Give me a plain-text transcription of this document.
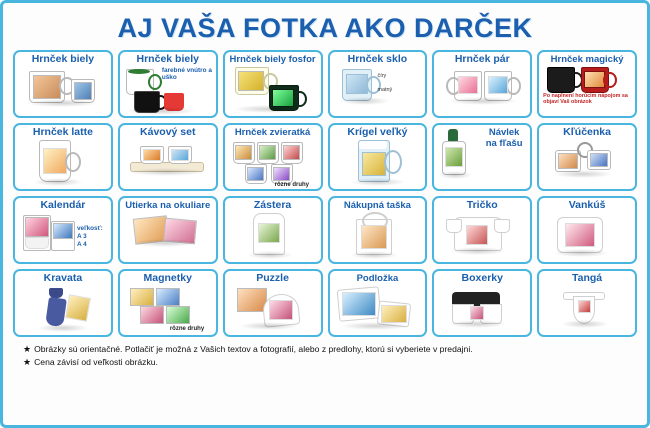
AJ VAŠA FOTKA AKO DARČEK
Hrnček biely	Hrnček biely
farebné vnútro a uško
Hrnček biely fosfor	Hrnček sklo
číry
matný
Hrnček pár	Hrnček magický
Po naplnení horúcim nápojom sa objaví Vaš obrázok
Hrnček latte	Kávový set	Hrnček zvieratká
rôzne druhy
Krígel veľký	Návlek na fľašu
Kľúčenka
Kalendár
veľkosť:
A 3
A 4
Utierka na okuliare	Zástera	Nákupná taška	Tričko	Vankúš
Kravata	Magnetky
rôzne druhy
Puzzle	Podložka	Boxerky	Tangá
★ Obrázky sú orientačné. Potlačiť je možná z Vašich textov a fotografií, alebo z predlohy, ktorú si vyberiete v predajni.
★ Cena závisí od veľkosti obrázku.
